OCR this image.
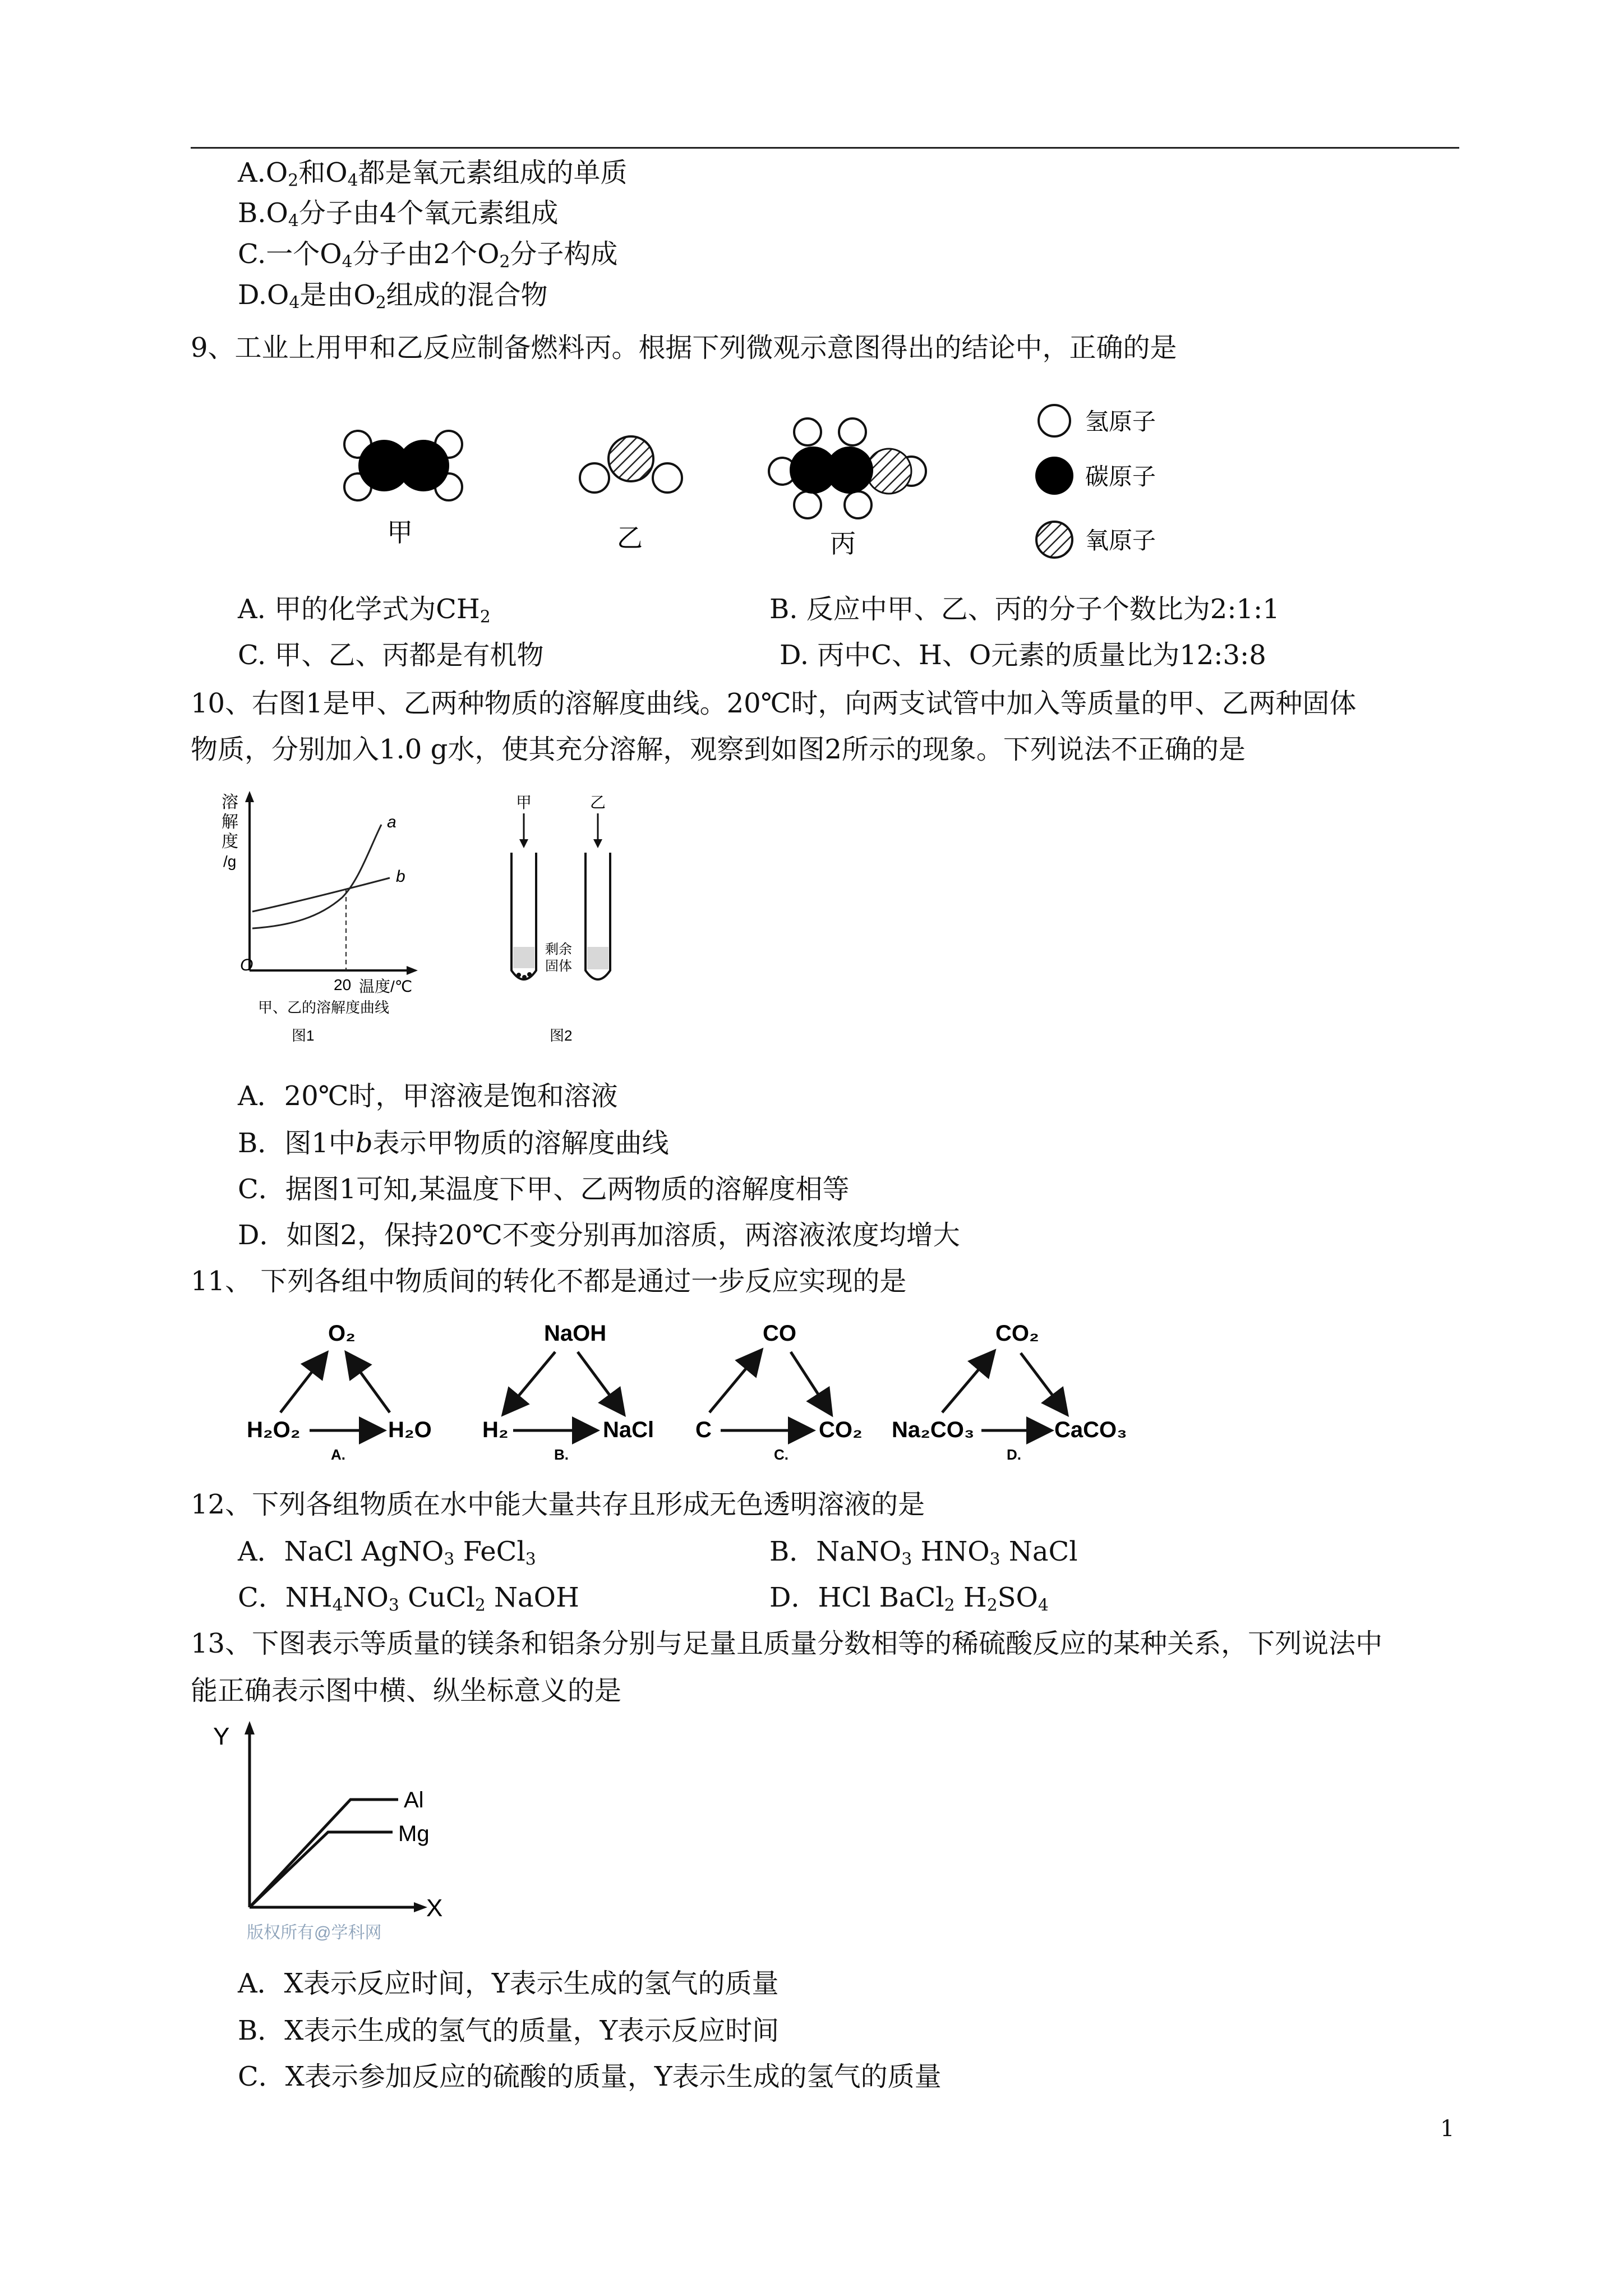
$A.O_2$和$O_4$都是氧元素组成的单质
$B.O_4$分子由4个氧元素组成
C.一个$O_4$分子由2个$O_2$分子构成
$D.O_4$是由$O_2$组成的混合物
9、工业上用甲和乙反应制备燃料丙。根据下列微观示意图得出的结论中，正确的是
甲	乙	丙
氢原子
碳原子
氧原子
A. 甲的化学式为$CH_2$	B. 反应中甲、乙、丙的分子个数比为2:1:1
C. 甲、乙、丙都是有机物	D. 丙中C、H、O元素的质量比为12:3:8
10、右图1是甲、乙两种物质的溶解度曲线。20℃时，向两支试管中加入等质量的甲、乙两种固体
物质，分别加入1.0 g水，使其充分溶解，观察到如图2所示的现象。下列说法不正确的是
溶
解
度
/g
O
a
b
20 温度/℃
甲、乙的溶解度曲线
图1
甲
剩余
固体
乙
图2
A．20℃时，甲溶液是饱和溶液
B．图1中b表示甲物质的溶解度曲线
C．据图1可知,某温度下甲、乙两物质的溶解度相等
D．如图2，保持20℃不变分别再加溶质，两溶液浓度均增大
11、 下列各组中物质间的转化不都是通过一步反应实现的是
O₂
H₂O₂	H₂O
A.
NaOH
H₂	NaCl
B.
CO
C	CO₂
C.
CO₂
Na₂CO₃	CaCO₃
D.
12、下列各组物质在水中能大量共存且形成无色透明溶液的是
A．NaCl AgNO$_3$ FeCl$_3$	B．NaNO$_3$ $HNO_3$ NaCl
C．$NH_4NO_3$ CuCl$_2$ NaOH	D．HCl BaCl$_2$ $H_2SO_4$
13、下图表示等质量的镁条和铝条分别与足量且质量分数相等的稀硫酸反应的某种关系，下列说法中
能正确表示图中横、纵坐标意义的是
Y
X
Al
Mg
版权所有@学科网
A．X表示反应时间，Y表示生成的氢气的质量
B．X表示生成的氢气的质量，Y表示反应时间
C．X表示参加反应的硫酸的质量，Y表示生成的氢气的质量
1
